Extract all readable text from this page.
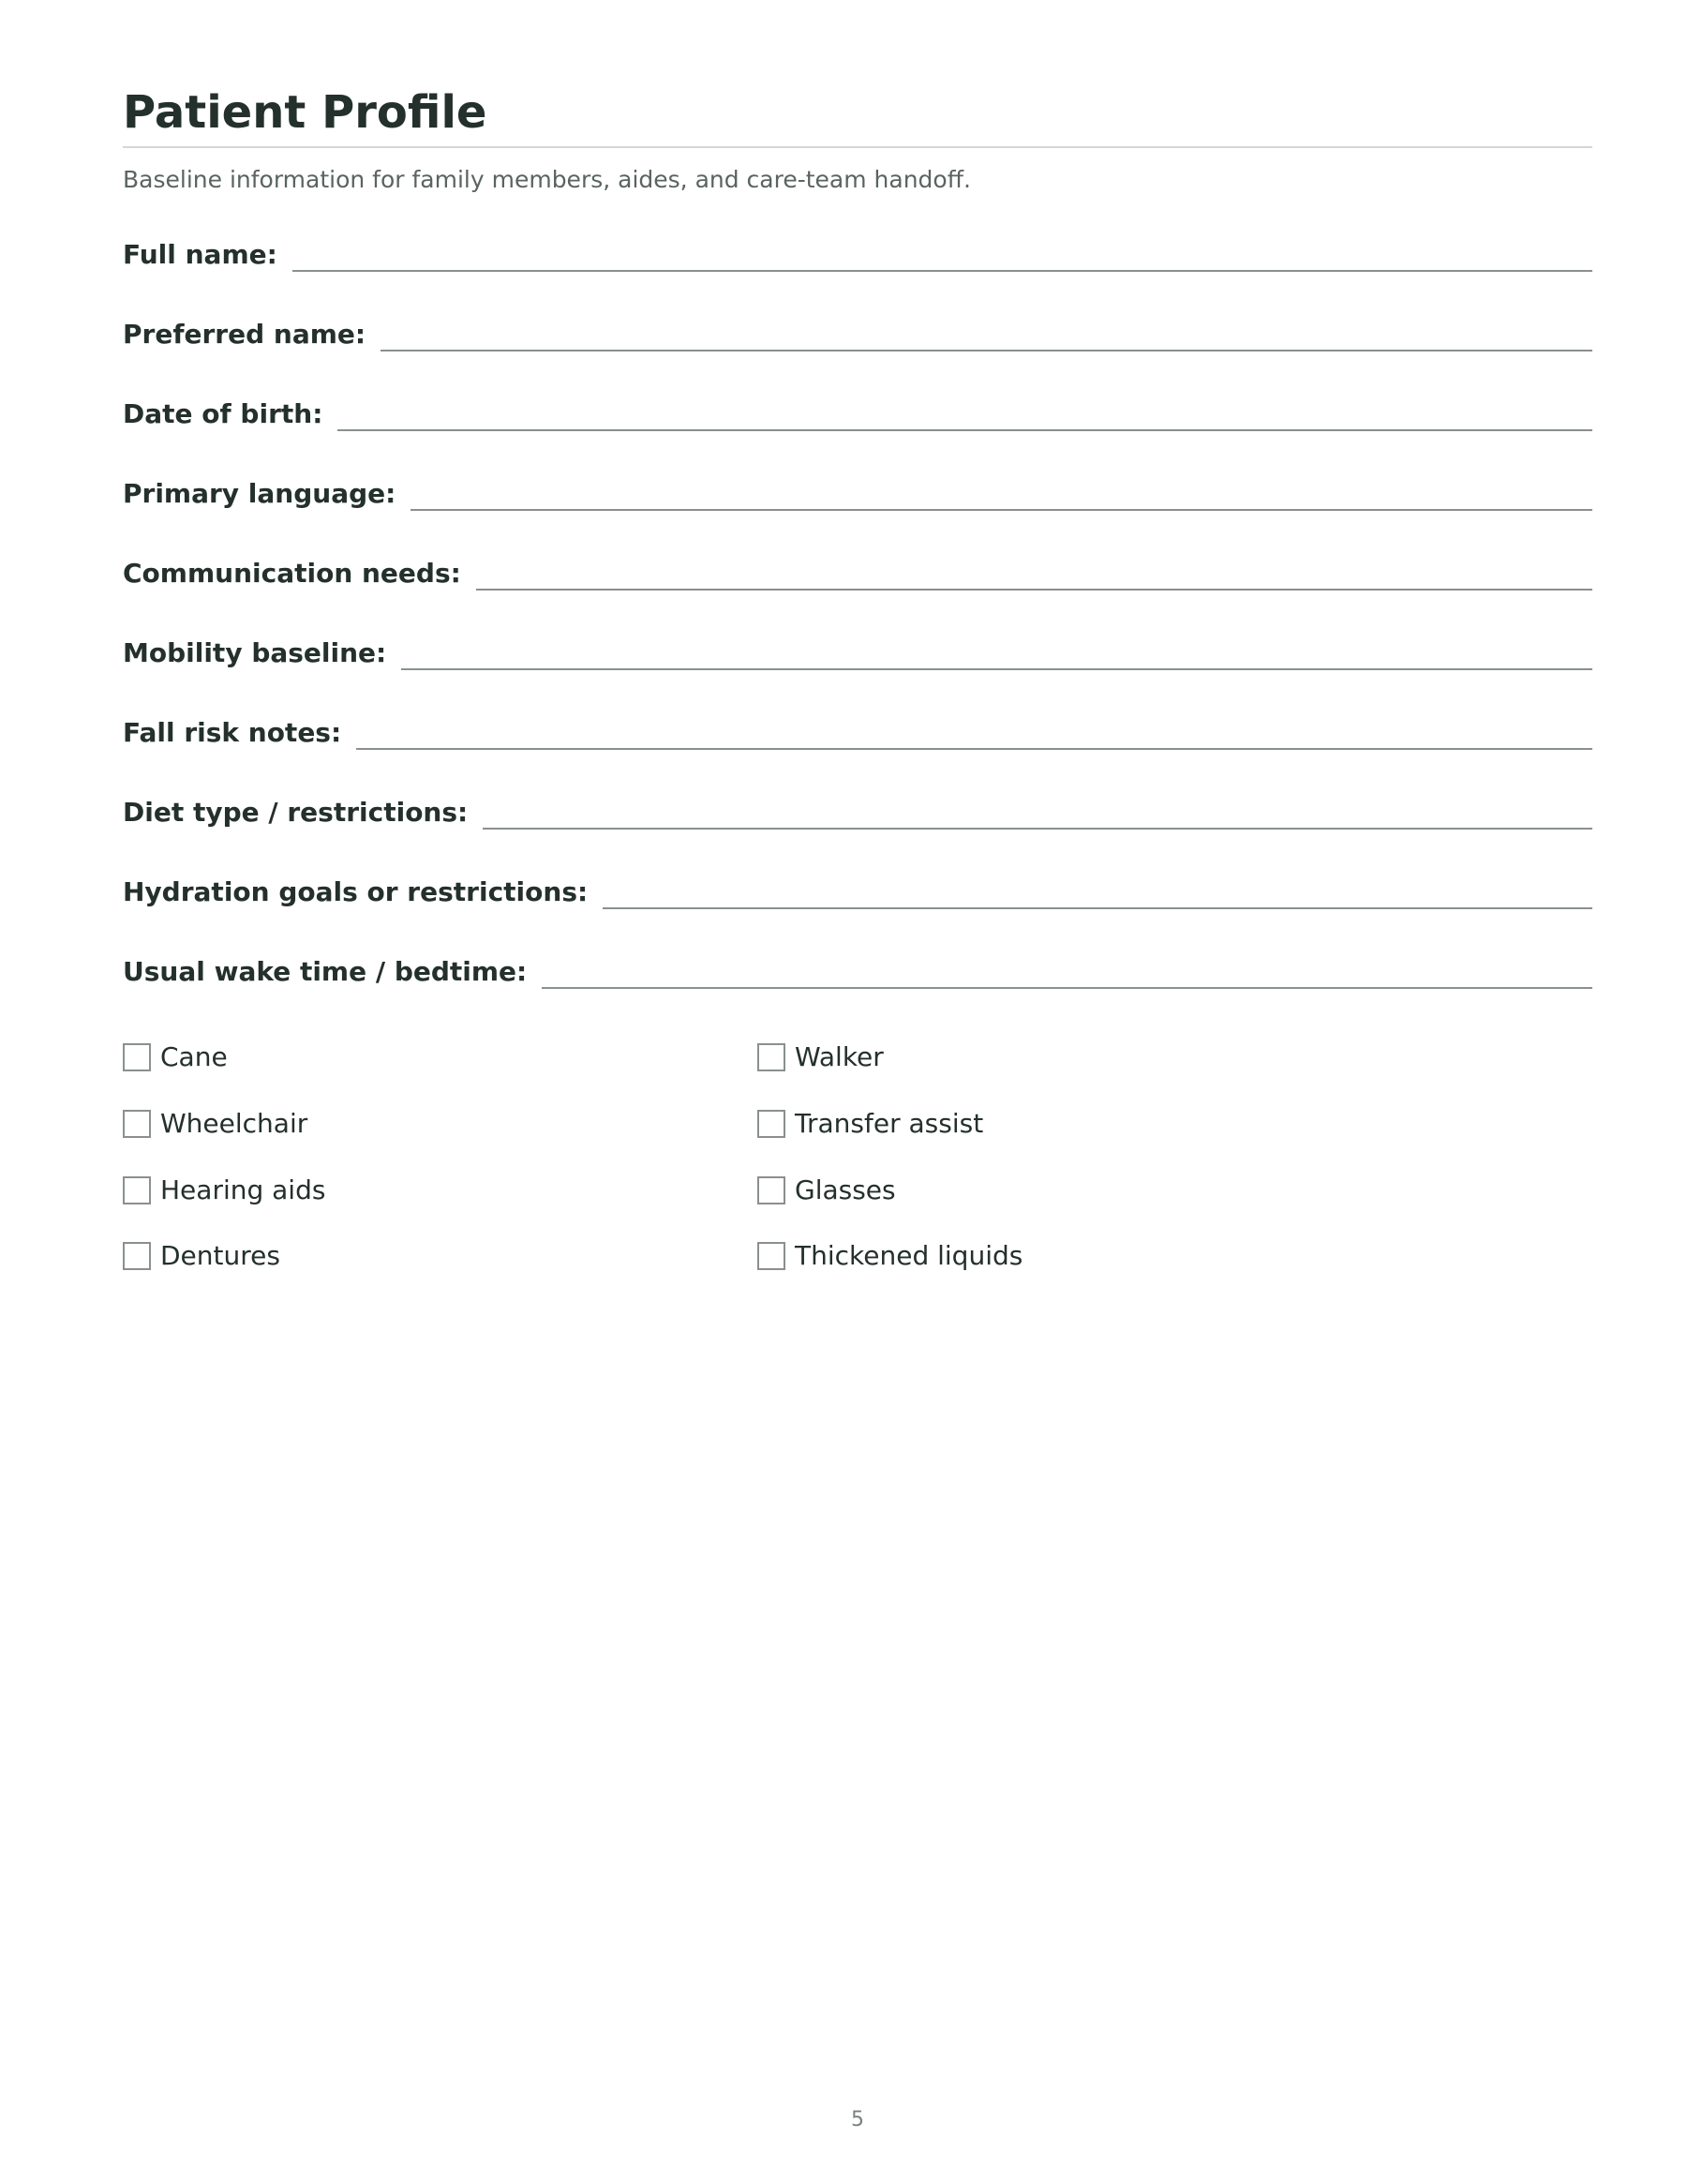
Patient Profile
Baseline information for family members, aides, and care-team handoff.
Full name:
Preferred name:
Date of birth:
Primary language:
Communication needs:
Mobility baseline:
Fall risk notes:
Diet type / restrictions:
Hydration goals or restrictions:
Usual wake time / bedtime:
Cane	Walker
Wheelchair	Transfer assist
Hearing aids	Glasses
Dentures	Thickened liquids
5
